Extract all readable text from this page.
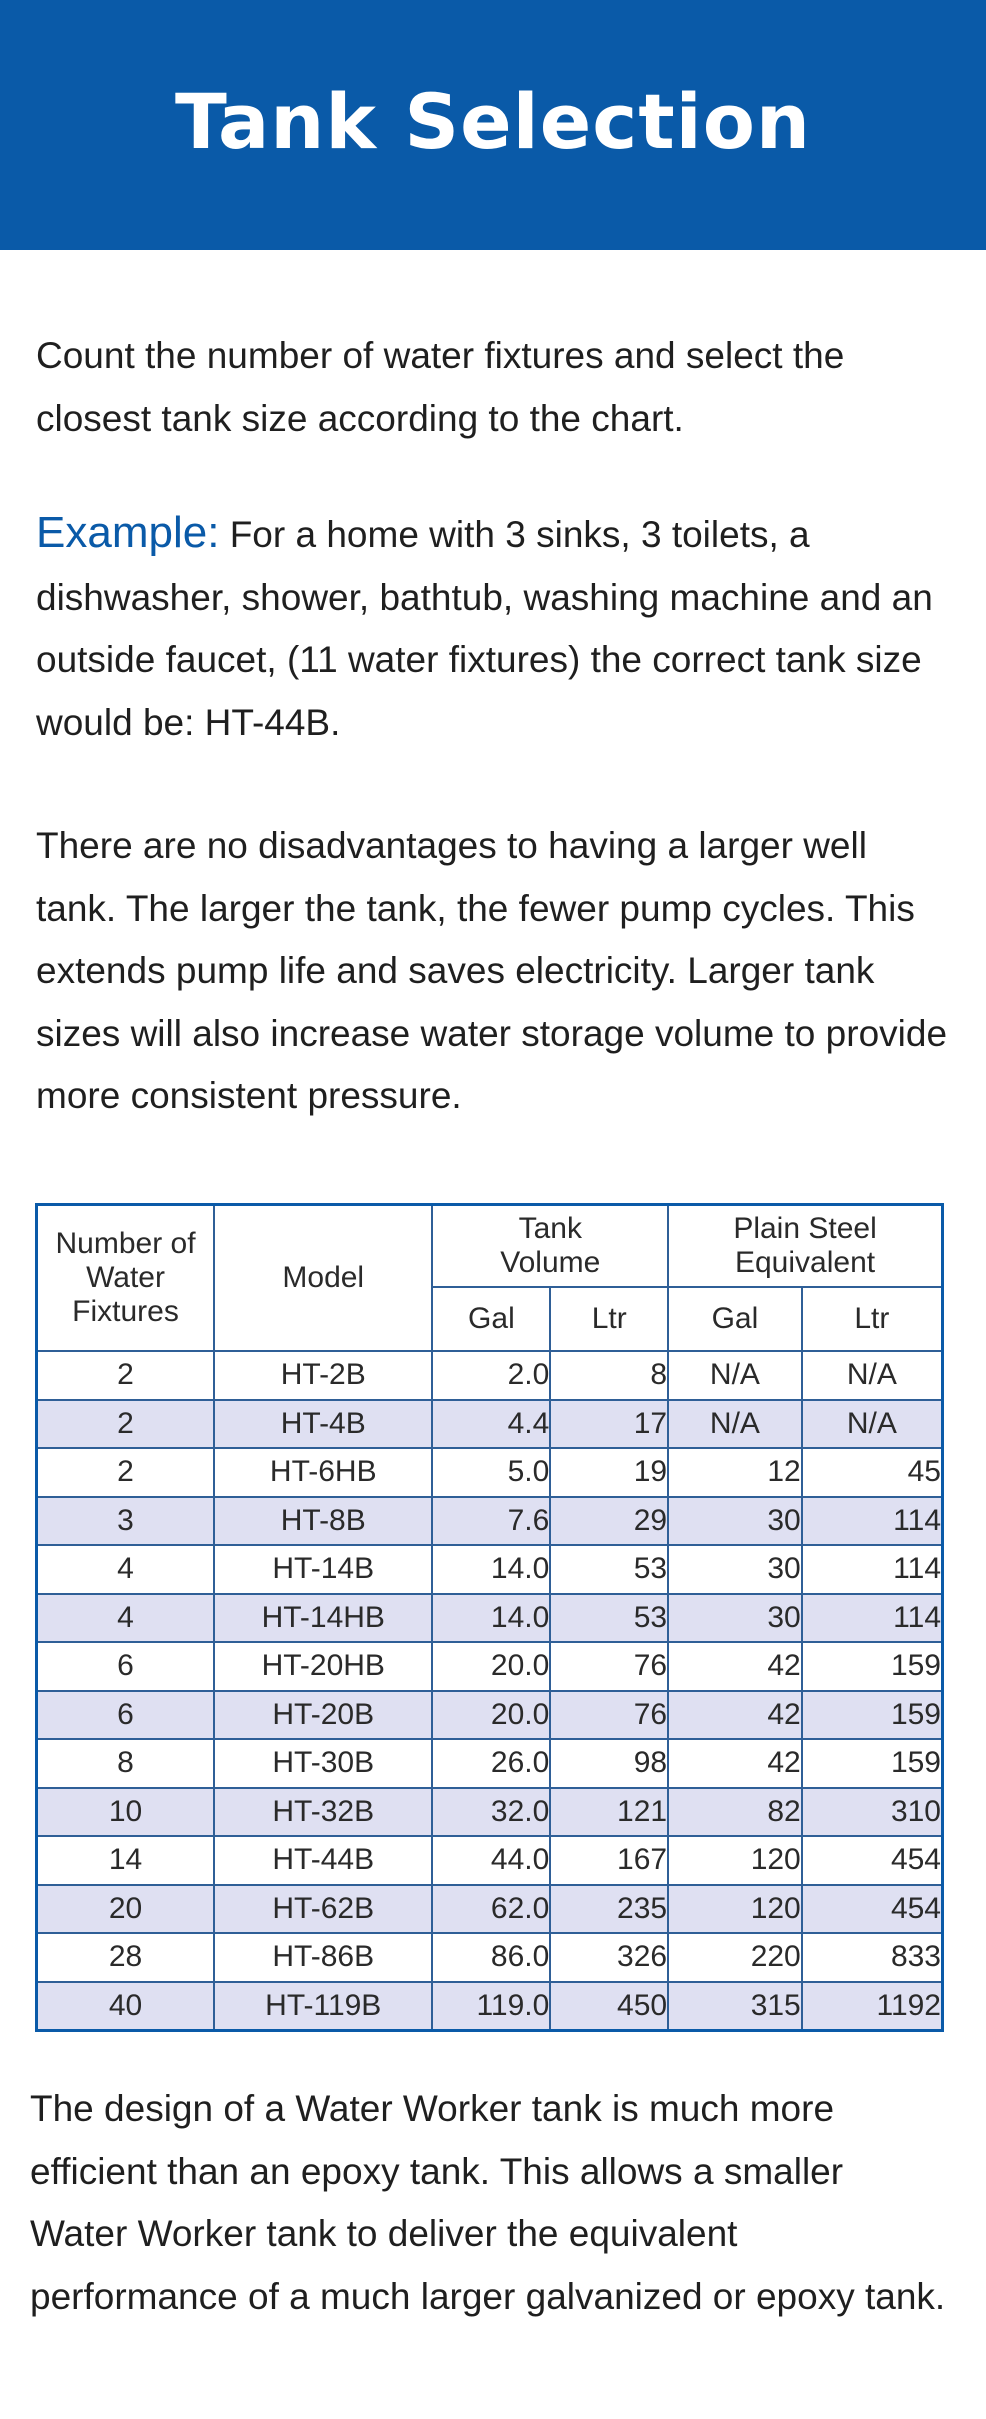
Tank Selection
Count the number of water fixtures and select the closest tank size according to the chart.
Example: For a home with 3 sinks, 3 toilets, a dishwasher, shower, bathtub, washing machine and an outside faucet, (11 water fixtures) the correct tank size would be: HT-44B.
There are no disadvantages to having a larger well tank. The larger the tank, the fewer pump cycles. This extends pump life and saves electricity. Larger tank sizes will also increase water storage volume to provide more consistent pressure.
Number of Water Fixtures	Model	Tank Volume		Plain Steel Equivalent	
		Gal	Ltr	Gal	Ltr
2	HT-2B	2.0	8	N/A	N/A
2	HT-4B	4.4	17	N/A	N/A
2	HT-6HB	5.0	19	12	45
3	HT-8B	7.6	29	30	114
4	HT-14B	14.0	53	30	114
4	HT-14HB	14.0	53	30	114
6	HT-20HB	20.0	76	42	159
6	HT-20B	20.0	76	42	159
8	HT-30B	26.0	98	42	159
10	HT-32B	32.0	121	82	310
14	HT-44B	44.0	167	120	454
20	HT-62B	62.0	235	120	454
28	HT-86B	86.0	326	220	833
40	HT-119B	119.0	450	315	1192
The design of a Water Worker tank is much more efficient than an epoxy tank. This allows a smaller Water Worker tank to deliver the equivalent performance of a much larger galvanized or epoxy tank.
